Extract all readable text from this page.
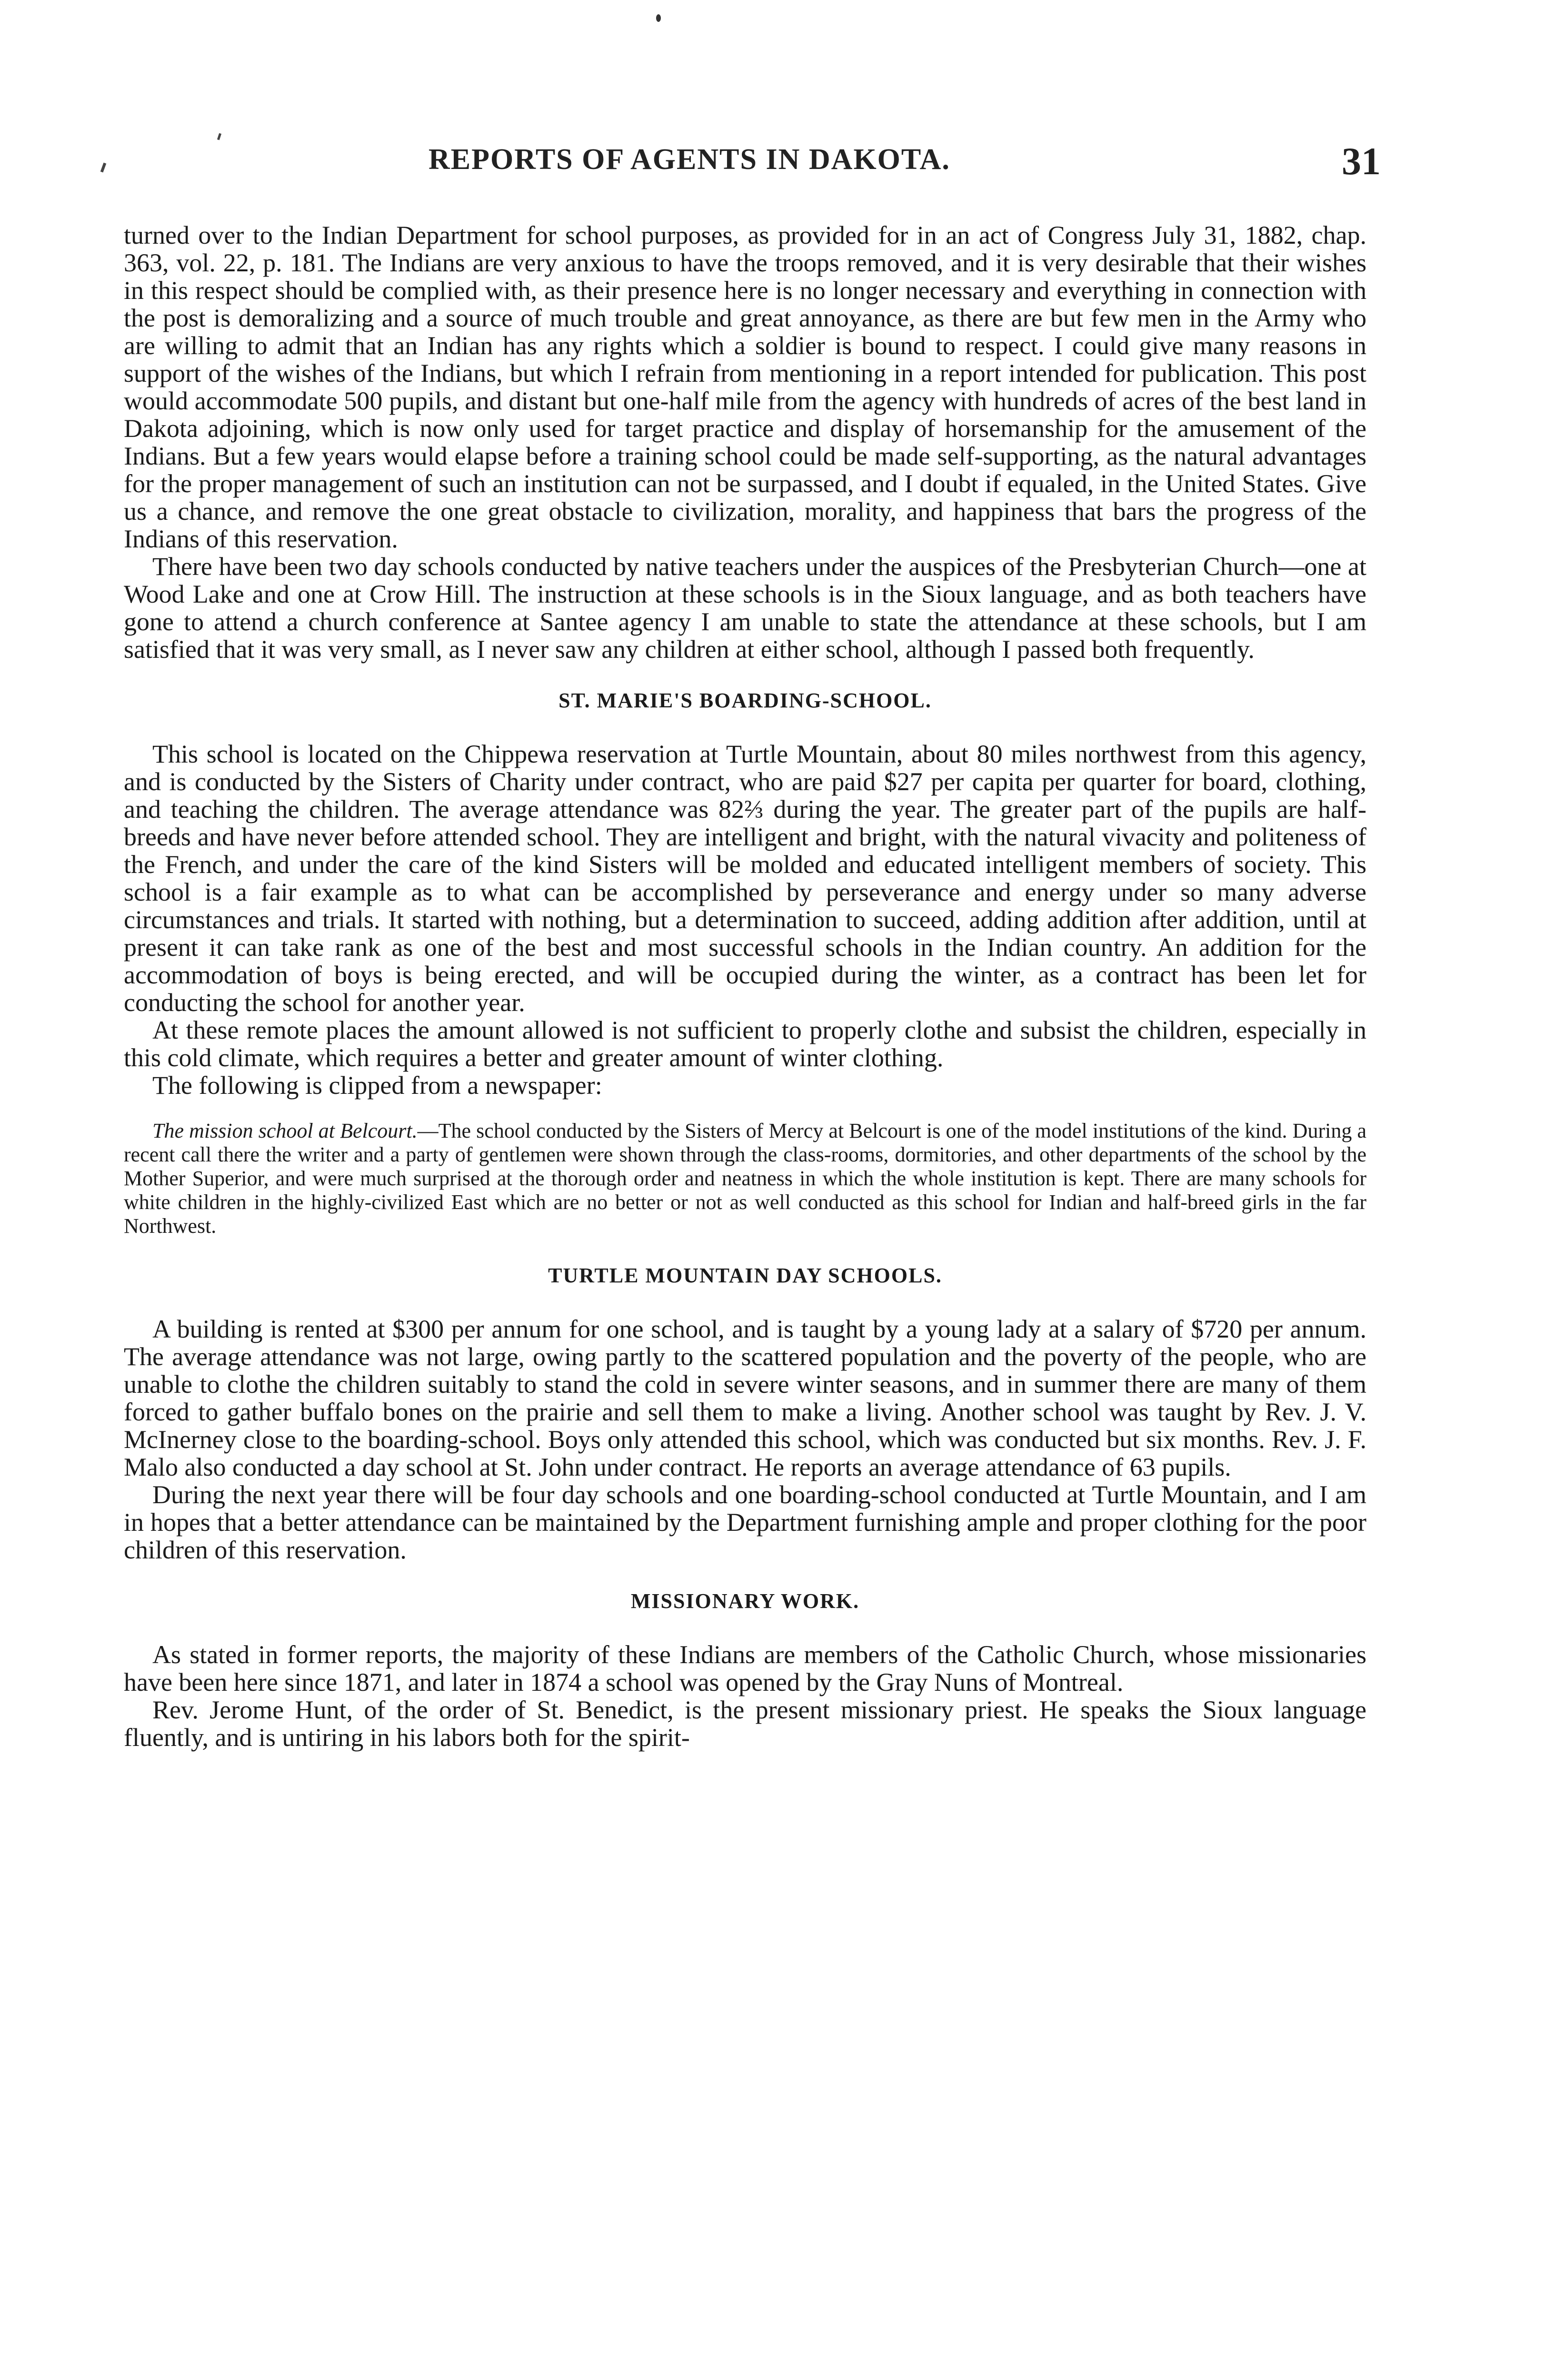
REPORTS OF AGENTS IN DAKOTA.	31

turned over to the Indian Department for school purposes, as provided for in an act of Congress July 31, 1882, chap. 363, vol. 22, p. 181. The Indians are very anxious to have the troops removed, and it is very desirable that their wishes in this respect should be complied with, as their presence here is no longer necessary and everything in connection with the post is demoralizing and a source of much trouble and great annoyance, as there are but few men in the Army who are willing to admit that an Indian has any rights which a soldier is bound to respect. I could give many reasons in support of the wishes of the Indians, but which I refrain from mentioning in a report intended for publication. This post would accommodate 500 pupils, and distant but one-half mile from the agency with hundreds of acres of the best land in Dakota adjoining, which is now only used for target practice and display of horsemanship for the amusement of the Indians. But a few years would elapse before a training school could be made self-supporting, as the natural advantages for the proper management of such an institution can not be surpassed, and I doubt if equaled, in the United States. Give us a chance, and remove the one great obstacle to civilization, morality, and happiness that bars the progress of the Indians of this reservation.

There have been two day schools conducted by native teachers under the auspices of the Presbyterian Church—one at Wood Lake and one at Crow Hill. The instruction at these schools is in the Sioux language, and as both teachers have gone to attend a church conference at Santee agency I am unable to state the attendance at these schools, but I am satisfied that it was very small, as I never saw any children at either school, although I passed both frequently.

ST. MARIE'S BOARDING-SCHOOL.

This school is located on the Chippewa reservation at Turtle Mountain, about 80 miles northwest from this agency, and is conducted by the Sisters of Charity under contract, who are paid $27 per capita per quarter for board, clothing, and teaching the children. The average attendance was 82⅔ during the year. The greater part of the pupils are half-breeds and have never before attended school. They are intelligent and bright, with the natural vivacity and politeness of the French, and under the care of the kind Sisters will be molded and educated intelligent members of society. This school is a fair example as to what can be accomplished by perseverance and energy under so many adverse circumstances and trials. It started with nothing, but a determination to succeed, adding addition after addition, until at present it can take rank as one of the best and most successful schools in the Indian country. An addition for the accommodation of boys is being erected, and will be occupied during the winter, as a contract has been let for conducting the school for another year.

At these remote places the amount allowed is not sufficient to properly clothe and subsist the children, especially in this cold climate, which requires a better and greater amount of winter clothing.

The following is clipped from a newspaper:

The mission school at Belcourt.—The school conducted by the Sisters of Mercy at Belcourt is one of the model institutions of the kind. During a recent call there the writer and a party of gentlemen were shown through the class-rooms, dormitories, and other departments of the school by the Mother Superior, and were much surprised at the thorough order and neatness in which the whole institution is kept. There are many schools for white children in the highly-civilized East which are no better or not as well conducted as this school for Indian and half-breed girls in the far Northwest.

TURTLE MOUNTAIN DAY SCHOOLS.

A building is rented at $300 per annum for one school, and is taught by a young lady at a salary of $720 per annum. The average attendance was not large, owing partly to the scattered population and the poverty of the people, who are unable to clothe the children suitably to stand the cold in severe winter seasons, and in summer there are many of them forced to gather buffalo bones on the prairie and sell them to make a living. Another school was taught by Rev. J. V. McInerney close to the boarding-school. Boys only attended this school, which was conducted but six months. Rev. J. F. Malo also conducted a day school at St. John under contract. He reports an average attendance of 63 pupils.

During the next year there will be four day schools and one boarding-school conducted at Turtle Mountain, and I am in hopes that a better attendance can be maintained by the Department furnishing ample and proper clothing for the poor children of this reservation.

MISSIONARY WORK.

As stated in former reports, the majority of these Indians are members of the Catholic Church, whose missionaries have been here since 1871, and later in 1874 a school was opened by the Gray Nuns of Montreal.

Rev. Jerome Hunt, of the order of St. Benedict, is the present missionary priest. He speaks the Sioux language fluently, and is untiring in his labors both for the spirit-
